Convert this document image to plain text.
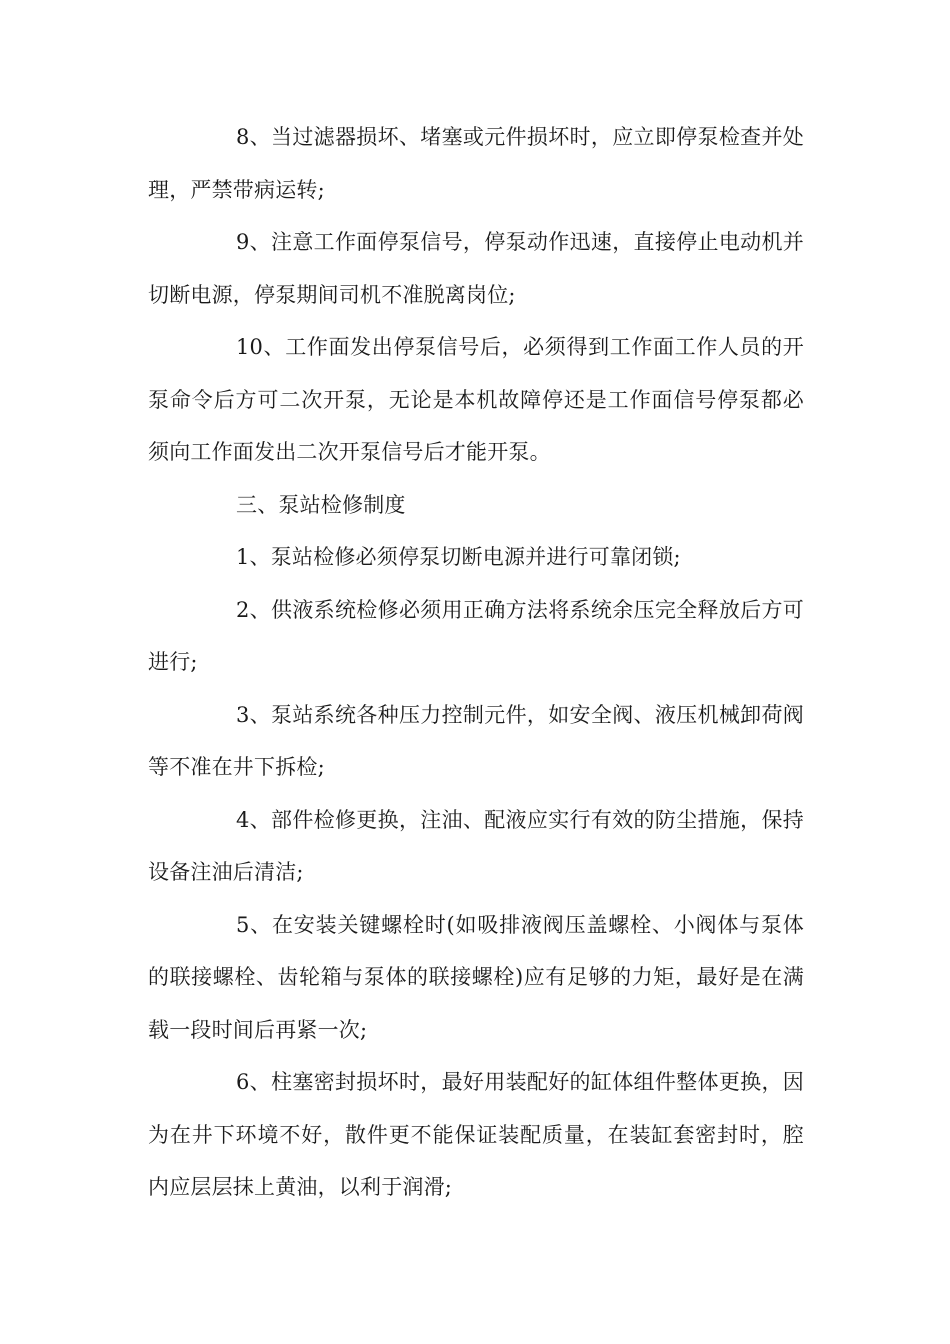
8、当过滤器损坏、堵塞或元件损坏时，应立即停泵检查并处理，严禁带病运转;

9、注意工作面停泵信号，停泵动作迅速，直接停止电动机并切断电源，停泵期间司机不准脱离岗位;

10、工作面发出停泵信号后，必须得到工作面工作人员的开泵命令后方可二次开泵，无论是本机故障停还是工作面信号停泵都必须向工作面发出二次开泵信号后才能开泵。

三、泵站检修制度

1、泵站检修必须停泵切断电源并进行可靠闭锁;

2、供液系统检修必须用正确方法将系统余压完全释放后方可进行;

3、泵站系统各种压力控制元件，如安全阀、液压机械卸荷阀等不准在井下拆检;

4、部件检修更换，注油、配液应实行有效的防尘措施，保持设备注油后清洁;

5、在安装关键螺栓时(如吸排液阀压盖螺栓、小阀体与泵体的联接螺栓、齿轮箱与泵体的联接螺栓)应有足够的力矩，最好是在满载一段时间后再紧一次;

6、柱塞密封损坏时，最好用装配好的缸体组件整体更换，因为在井下环境不好，散件更不能保证装配质量，在装缸套密封时，腔内应层层抹上黄油，以利于润滑;
